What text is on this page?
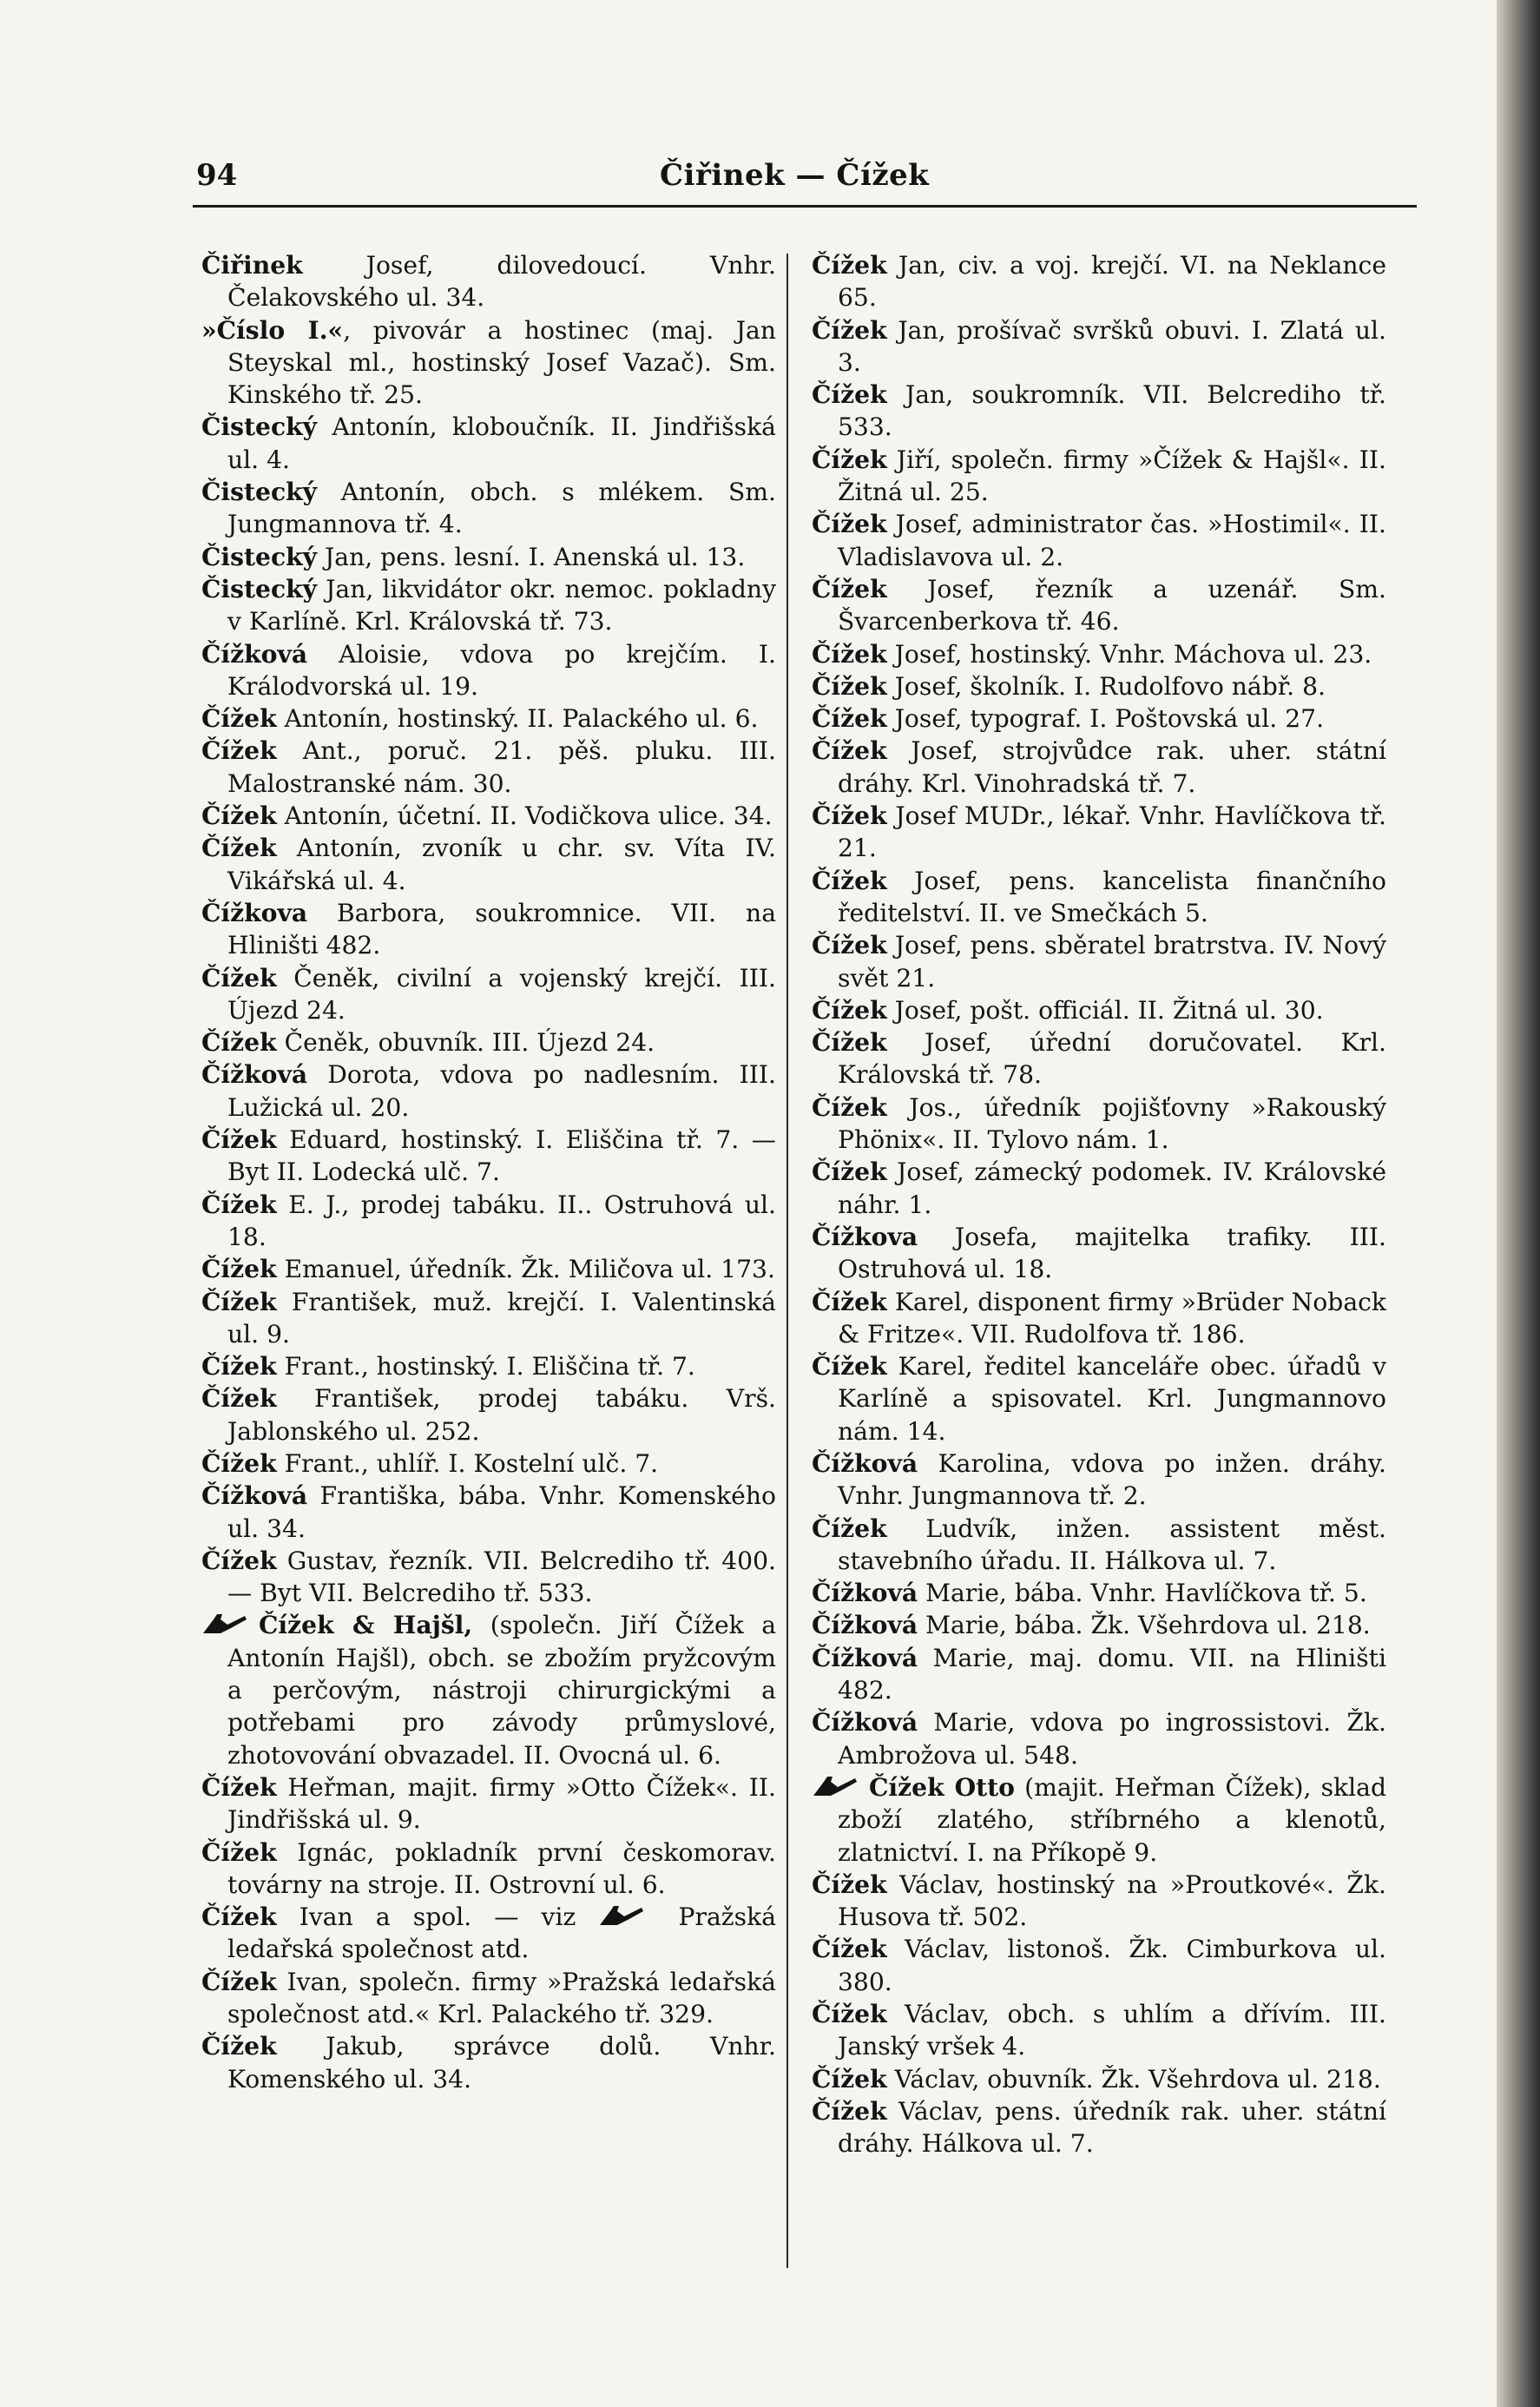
94	Čiřinek — Čížek

Čiřinek Josef, dilovedoucí. Vnhr. Čelakovského ul. 34.

»Číslo I.«, pivovár a hostinec (maj. Jan Steyskal ml., hostinský Josef Vazač). Sm. Kinského tř. 25.

Čistecký Antonín, kloboučník. II. Jindřišská ul. 4.

Čistecký Antonín, obch. s mlékem. Sm. Jungmannova tř. 4.

Čistecký Jan, pens. lesní. I. Anenská ul. 13.

Čistecký Jan, likvidátor okr. nemoc. pokladny v Karlíně. Krl. Královská tř. 73.

Čížková Aloisie, vdova po krejčím. I. Králodvorská ul. 19.

Čížek Antonín, hostinský. II. Palackého ul. 6.

Čížek Ant., poruč. 21. pěš. pluku. III. Malostranské nám. 30.

Čížek Antonín, účetní. II. Vodičkova ulice. 34.

Čížek Antonín, zvoník u chr. sv. Víta IV. Vikářská ul. 4.

Čížkova Barbora, soukromnice. VII. na Hliništi 482.

Čížek Čeněk, civilní a vojenský krejčí. III. Újezd 24.

Čížek Čeněk, obuvník. III. Újezd 24.

Čížková Dorota, vdova po nadlesním. III. Lužická ul. 20.

Čížek Eduard, hostinský. I. Eliščina tř. 7. — Byt II. Lodecká ulč. 7.

Čížek E. J., prodej tabáku. II.. Ostruhová ul. 18.

Čížek Emanuel, úředník. Žk. Miličova ul. 173.

Čížek František, muž. krejčí. I. Valentinská ul. 9.

Čížek Frant., hostinský. I. Eliščina tř. 7.

Čížek František, prodej tabáku. Vrš. Jablonského ul. 252.

Čížek Frant., uhlíř. I. Kostelní ulč. 7.

Čížková Františka, bába. Vnhr. Komenského ul. 34.

Čížek Gustav, řezník. VII. Belcrediho tř. 400. — Byt VII. Belcrediho tř. 533.

Čížek & Hajšl, (společn. Jiří Čížek a Antonín Hajšl), obch. se zbožím pryžcovým a perčovým, nástroji chirurgickými a potřebami pro závody průmyslové, zhotovování obvazadel. II. Ovocná ul. 6.

Čížek Heřman, majit. firmy »Otto Čížek«. II. Jindřišská ul. 9.

Čížek Ignác, pokladník první českomorav. továrny na stroje. II. Ostrovní ul. 6.

Čížek Ivan a spol. — viz
Pražská ledařská společnost atd.

Čížek Ivan, společn. firmy »Pražská ledařská společnost atd.« Krl. Palackého tř. 329.

Čížek Jakub, správce dolů. Vnhr. Komenského ul. 34.

Čížek Jan, civ. a voj. krejčí. VI. na Neklance 65.

Čížek Jan, prošívač svršků obuvi. I. Zlatá ul. 3.

Čížek Jan, soukromník. VII. Belcrediho tř. 533.

Čížek Jiří, společn. firmy »Čížek & Hajšl«. II. Žitná ul. 25.

Čížek Josef, administrator čas. »Hostimil«. II. Vladislavova ul. 2.

Čížek Josef, řezník a uzenář. Sm. Švarcenberkova tř. 46.

Čížek Josef, hostinský. Vnhr. Máchova ul. 23.

Čížek Josef, školník. I. Rudolfovo nábř. 8.

Čížek Josef, typograf. I. Poštovská ul. 27.

Čížek Josef, strojvůdce rak. uher. státní dráhy. Krl. Vinohradská tř. 7.

Čížek Josef MUDr., lékař. Vnhr. Havlíčkova tř. 21.

Čížek Josef, pens. kancelista finančního ředitelství. II. ve Smečkách 5.

Čížek Josef, pens. sběratel bratrstva. IV. Nový svět 21.

Čížek Josef, pošt. officiál. II. Žitná ul. 30.

Čížek Josef, úřední doručovatel. Krl. Královská tř. 78.

Čížek Jos., úředník pojišťovny »Rakouský Phönix«. II. Tylovo nám. 1.

Čížek Josef, zámecký podomek. IV. Královské náhr. 1.

Čížkova Josefa, majitelka trafiky. III. Ostruhová ul. 18.

Čížek Karel, disponent firmy »Brüder Noback & Fritze«. VII. Rudolfova tř. 186.

Čížek Karel, ředitel kanceláře obec. úřadů v Karlíně a spisovatel. Krl. Jungmannovo nám. 14.

Čížková Karolina, vdova po inžen. dráhy. Vnhr. Jungmannova tř. 2.

Čížek Ludvík, inžen. assistent měst. stavebního úřadu. II. Hálkova ul. 7.

Čížková Marie, bába. Vnhr. Havlíčkova tř. 5.

Čížková Marie, bába. Žk. Všehrdova ul. 218.

Čížková Marie, maj. domu. VII. na Hliništi 482.

Čížková Marie, vdova po ingrossistovi. Žk. Ambrožova ul. 548.

Čížek Otto (majit. Heřman Čížek), sklad zboží zlatého, stříbrného a klenotů, zlatnictví. I. na Příkopě 9.

Čížek Václav, hostinský na »Proutkové«. Žk. Husova tř. 502.

Čížek Václav, listonoš. Žk. Cimburkova ul. 380.

Čížek Václav, obch. s uhlím a dřívím. III. Janský vršek 4.

Čížek Václav, obuvník. Žk. Všehrdova ul. 218.

Čížek Václav, pens. úředník rak. uher. státní dráhy. Hálkova ul. 7.
